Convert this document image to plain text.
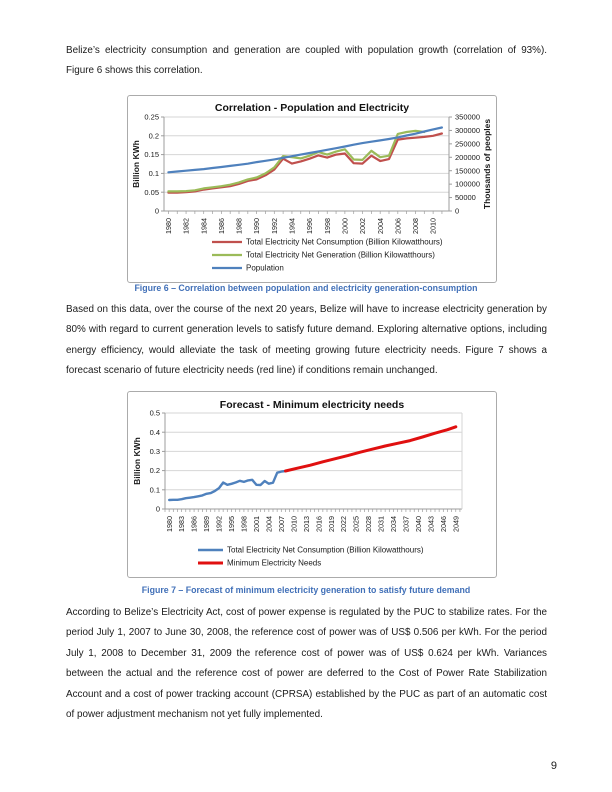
Belize’s electricity consumption and generation are coupled with population growth (correlation of 93%). Figure 6 shows this correlation.

Correlation - Population and Electricity
0
0.05
0.1
0.15
0.2
0.25
0
50000
100000
150000
200000
250000
300000
350000
Billion KWh	Thousands of peoples
1980 1982 1984 1986 1988 1990 1992 1994 1996 1998 2000 2002 2004 2006 2008 2010
Total Electricity Net Consumption (Billion Kilowatthours)
Total Electricity Net Generation (Billion Kilowatthours)
Population
Figure 6 – Correlation between population and electricity generation-consumption

Based on this data, over the course of the next 20 years, Belize will have to increase electricity generation by 80% with regard to current generation levels to satisfy future demand. Exploring alternative options, including energy efficiency, would alleviate the task of meeting growing future electricity needs. Figure 7 shows a forecast scenario of future electricity needs (red line) if conditions remain unchanged.

Forecast - Minimum electricity needs
0
0.1
0.2
0.3
0.4
0.5
Billion KWh
1980 1983 1986 1989 1992 1995 1998 2001 2004 2007 2010 2013 2016 2019 2022 2025 2028 2031 2034 2037 2040 2043 2046 2049
Total Electricity Net Consumption (Billion Kilowatthours)
Minimum Electricity Needs
Figure 7 – Forecast of minimum electricity generation to satisfy future demand

According to Belize’s Electricity Act, cost of power expense is regulated by the PUC to stabilize rates. For the period July 1, 2007 to June 30, 2008, the reference cost of power was of US$ 0.506 per kWh. For the period July 1, 2008 to December 31, 2009 the reference cost of power was of US$ 0.624 per kWh. Variances between the actual and the reference cost of power are deferred to the Cost of Power Rate Stabilization Account and a cost of power tracking account (CPRSA) established by the PUC as part of an automatic cost of power adjustment mechanism not yet fully implemented.

9
